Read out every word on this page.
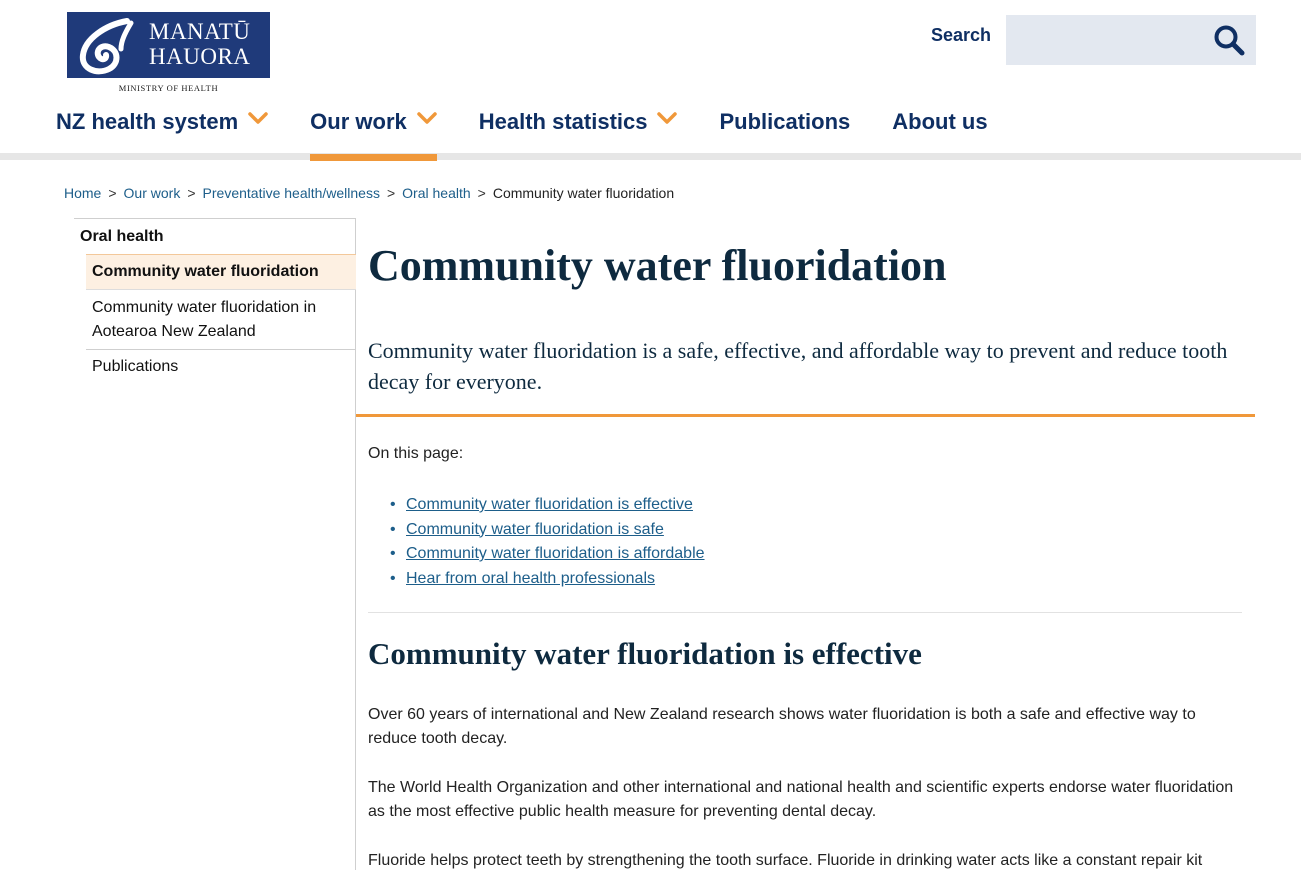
MANATŪ
HAUORA
MINISTRY OF HEALTH
Search
NZ health system	Our work	Health statistics	Publications About us
Home > Our work > Preventative health/wellness > Oral health > Community water fluoridation
Oral health
Community water fluoridation
Community water fluoridation in Aotearoa New Zealand
Publications
Community water fluoridation

Community water fluoridation is a safe, effective, and affordable way to prevent and reduce tooth decay for everyone.

On this page:
• Community water fluoridation is effective
• Community water fluoridation is safe
• Community water fluoridation is affordable
• Hear from oral health professionals
Community water fluoridation is effective

Over 60 years of international and New Zealand research shows water fluoridation is both a safe and effective way to reduce tooth decay.

The World Health Organization and other international and national health and scientific experts endorse water fluoridation as the most effective public health measure for preventing dental decay.

Fluoride helps protect teeth by strengthening the tooth surface. Fluoride in drinking water acts like a constant repair kit
